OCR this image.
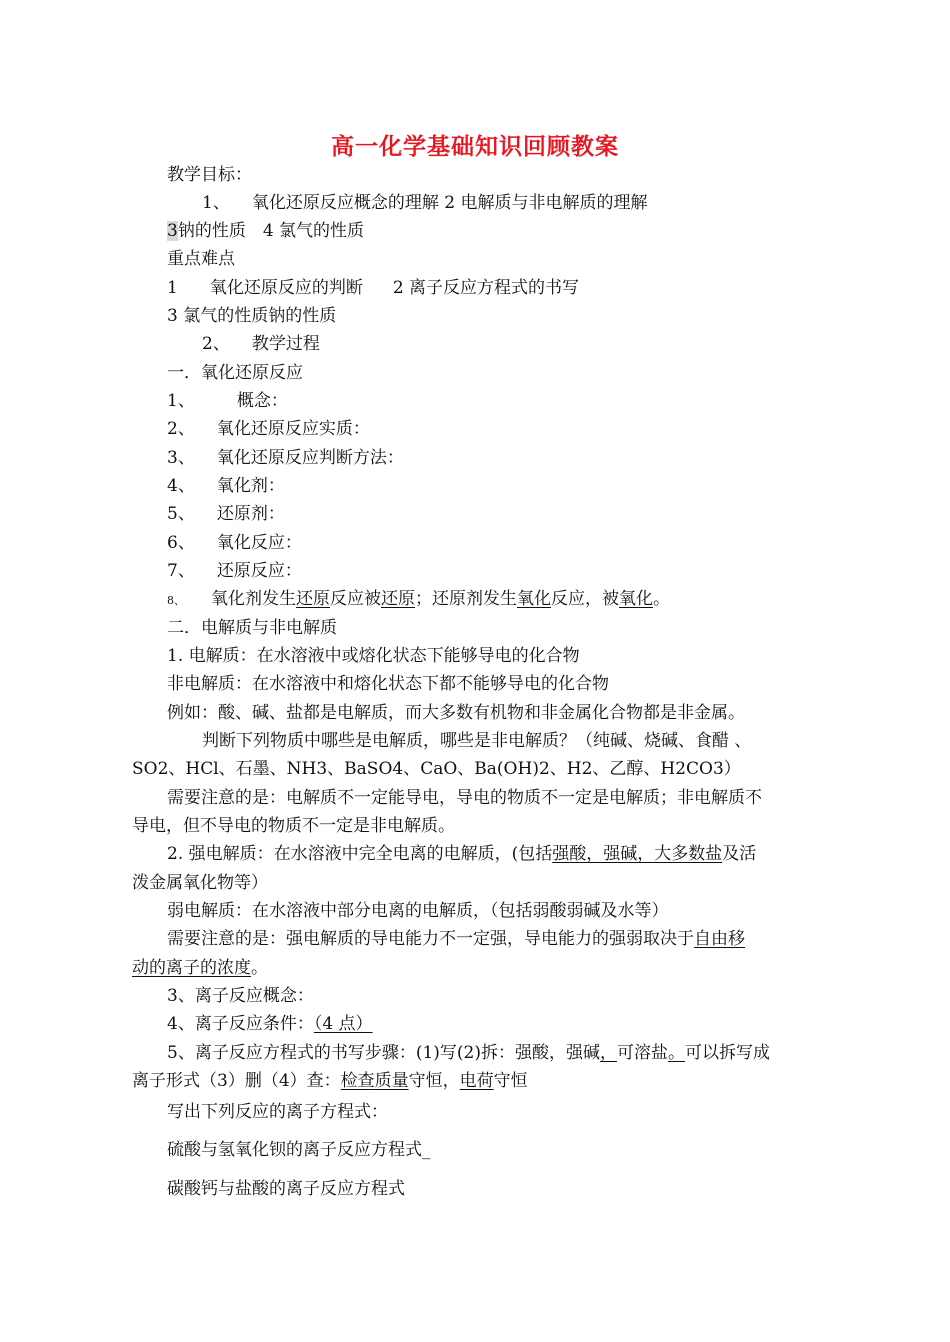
高一化学基础知识回顾教案
教学目标：
1、 氧化还原反应概念的理解 2 电解质与非电解质的理解
3钠的性质　4 氯气的性质
重点难点
1 氧化还原反应的判断 2 离子反应方程式的书写
3 氯气的性质钠的性质
2、 教学过程
一．氧化还原反应
1、 概念：
2、 氧化还原反应实质：
3、 氧化还原反应判断方法：
4、 氧化剂：
5、 还原剂：
6、 氧化反应：
7、 还原反应：
8、 氧化剂发生还原反应被还原；还原剂发生氧化反应，被氧化。
二．电解质与非电解质
1. 电解质：在水溶液中或熔化状态下能够导电的化合物
非电解质：在水溶液中和熔化状态下都不能够导电的化合物
例如：酸、碱、盐都是电解质，而大多数有机物和非金属化合物都是非金属。
判断下列物质中哪些是电解质，哪些是非电解质？（纯碱、烧碱、食醋 、
SO2、HCl、石墨、NH3、BaSO4、CaO、Ba(OH)2、H2、乙醇、H2CO3）
需要注意的是：电解质不一定能导电，导电的物质不一定是电解质；非电解质不
导电，但不导电的物质不一定是非电解质。
2. 强电解质：在水溶液中完全电离的电解质，(包括强酸，强碱，大多数盐及活
泼金属氧化物等）
弱电解质：在水溶液中部分电离的电解质，（包括弱酸弱碱及水等）
需要注意的是：强电解质的导电能力不一定强，导电能力的强弱取决于自由移
动的离子的浓度。
3、离子反应概念：
4、离子反应条件：（4 点）
5、离子反应方程式的书写步骤：(1)写(2)拆：强酸，强碱，可溶盐。可以拆写成
离子形式（3）删（4）查：检查质量守恒，电荷守恒
写出下列反应的离子方程式：
硫酸与氢氧化钡的离子反应方程式_
碳酸钙与盐酸的离子反应方程式
